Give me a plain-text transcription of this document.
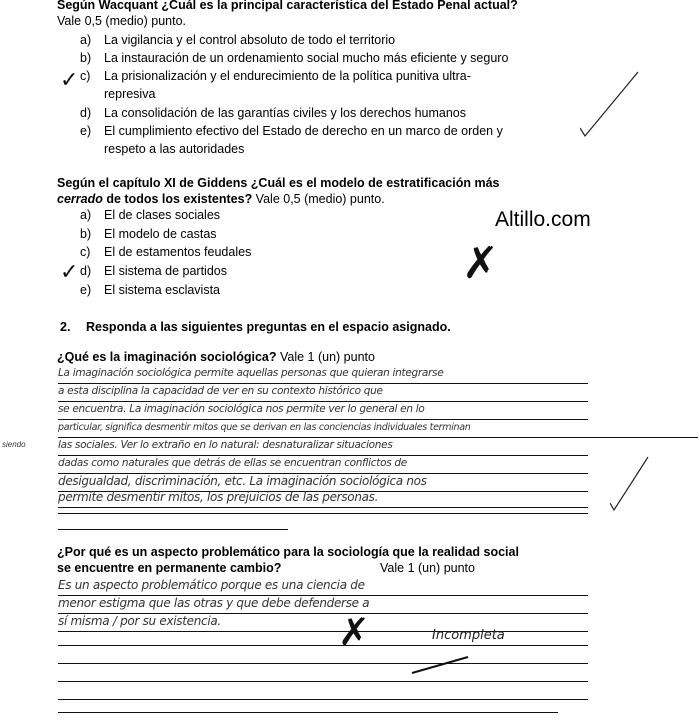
Según Wacquant ¿Cuál es la principal característica del Estado Penal actual?
Vale 0,5 (medio) punto.
a) La vigilancia y el control absoluto de todo el territorio
b) La instauración de un ordenamiento social mucho más eficiente y seguro
c) La prisionalización y el endurecimiento de la política punitiva ultra-
represiva
d) La consolidación de las garantías civiles y los derechos humanos
e) El cumplimiento efectivo del Estado de derecho en un marco de orden y
respeto a las autoridades
✓
Según el capítulo XI de Giddens ¿Cuál es el modelo de estratificación más
cerrado de todos los existentes? Vale 0,5 (medio) punto.
a) El de clases sociales
b) El modelo de castas
c) El de estamentos feudales
d) El sistema de partidos
e) El sistema esclavista
✓	✗
Altillo.com
2. Responda a las siguientes preguntas en el espacio asignado.
¿Qué es la imaginación sociológica? Vale 1 (un) punto
La imaginación sociológica permite aquellas personas que quieran integrarse
a esta disciplina la capacidad de ver en su contexto histórico que
se encuentra. La imaginación sociológica nos permite ver lo general en lo
particular, significa desmentir mitos que se derivan en las conciencias individuales terminan
siendo	las sociales. Ver lo extraño en lo natural: desnaturalizar situaciones
dadas como naturales que detrás de ellas se encuentran conflictos de
desigualdad, discriminación, etc. La imaginación sociológica nos
permite desmentir mitos, los prejuicios de las personas.
¿Por qué es un aspecto problemático para la sociología que la realidad social
se encuentre en permanente cambio?	Vale 1 (un) punto
Es un aspecto problemático porque es una ciencia de
menor estigma que las otras y que debe defenderse a
sí misma / por su existencia.	✗	Incompleta
